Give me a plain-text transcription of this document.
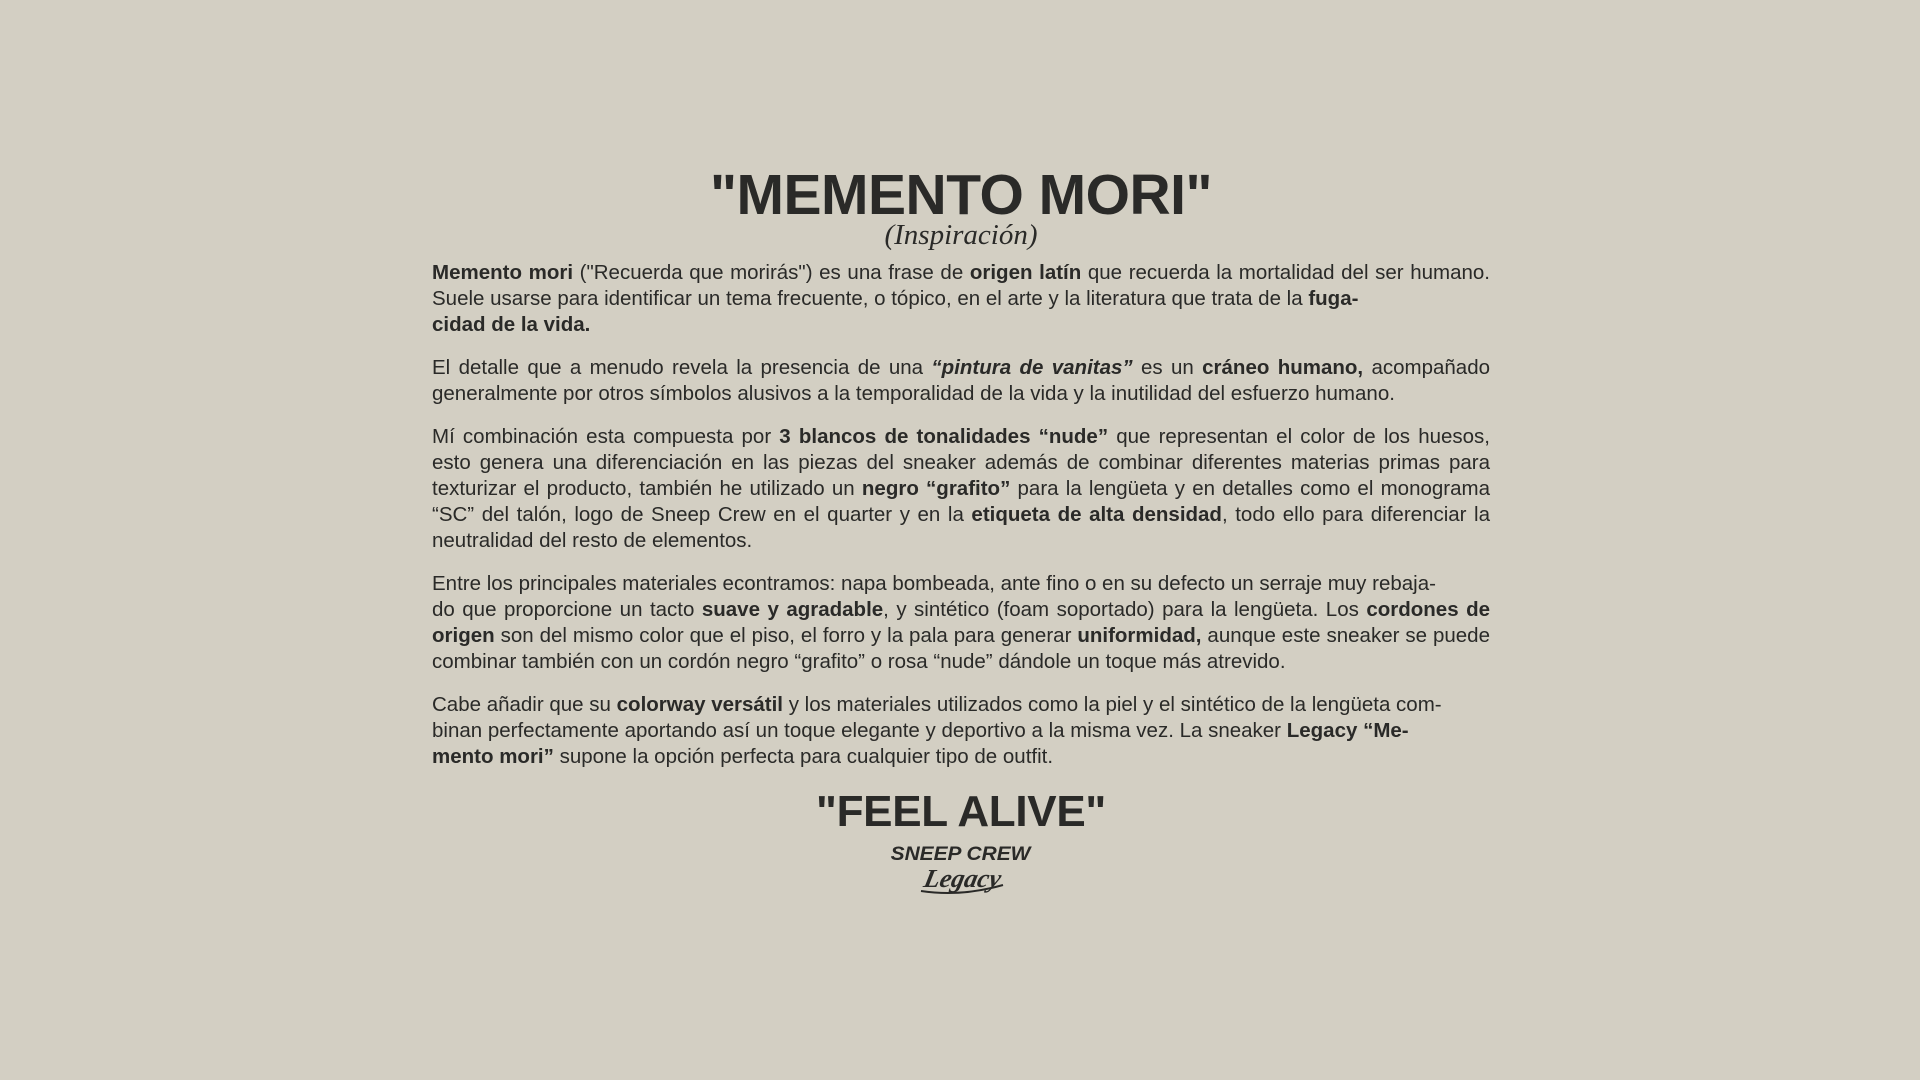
"MEMENTO MORI"
(Inspiración)

Memento mori ("Recuerda que morirás") es una frase de origen latín que recuerda la mortalidad del ser humano. Suele usarse para identificar un tema frecuente, o tópico, en el arte y la literatura que trata de la fuga-
cidad de la vida.

El detalle que a menudo revela la presencia de una “pintura de vanitas” es un cráneo humano, acompañado generalmente por otros símbolos alusivos a la temporalidad de la vida y la inutilidad del esfuerzo humano.

Mí combinación esta compuesta por 3 blancos de tonalidades “nude” que representan el color de los huesos, esto genera una diferenciación en las piezas del sneaker además de combinar diferentes materias primas para texturizar el producto, también he utilizado un negro “grafito” para la lengüeta y en detalles como el monograma “SC” del talón, logo de Sneep Crew en el quarter y en la etiqueta de alta densidad, todo ello para diferenciar la neutralidad del resto de elementos.

Entre los principales materiales econtramos: napa bombeada, ante fino o en su defecto un serraje muy rebaja-
do que proporcione un tacto suave y agradable, y sintético (foam soportado) para la lengüeta. Los cordones de origen son del mismo color que el piso, el forro y la pala para generar uniformidad, aunque este sneaker se puede combinar también con un cordón negro “grafito” o rosa “nude” dándole un toque más atrevido.

Cabe añadir que su colorway versátil y los materiales utilizados como la piel y el sintético de la lengüeta com-
binan perfectamente aportando así un toque elegante y deportivo a la misma vez. La sneaker Legacy “Me-
mento mori” supone la opción perfecta para cualquier tipo de outfit.

"FEEL ALIVE"
SNEEP CREW
Legacy
